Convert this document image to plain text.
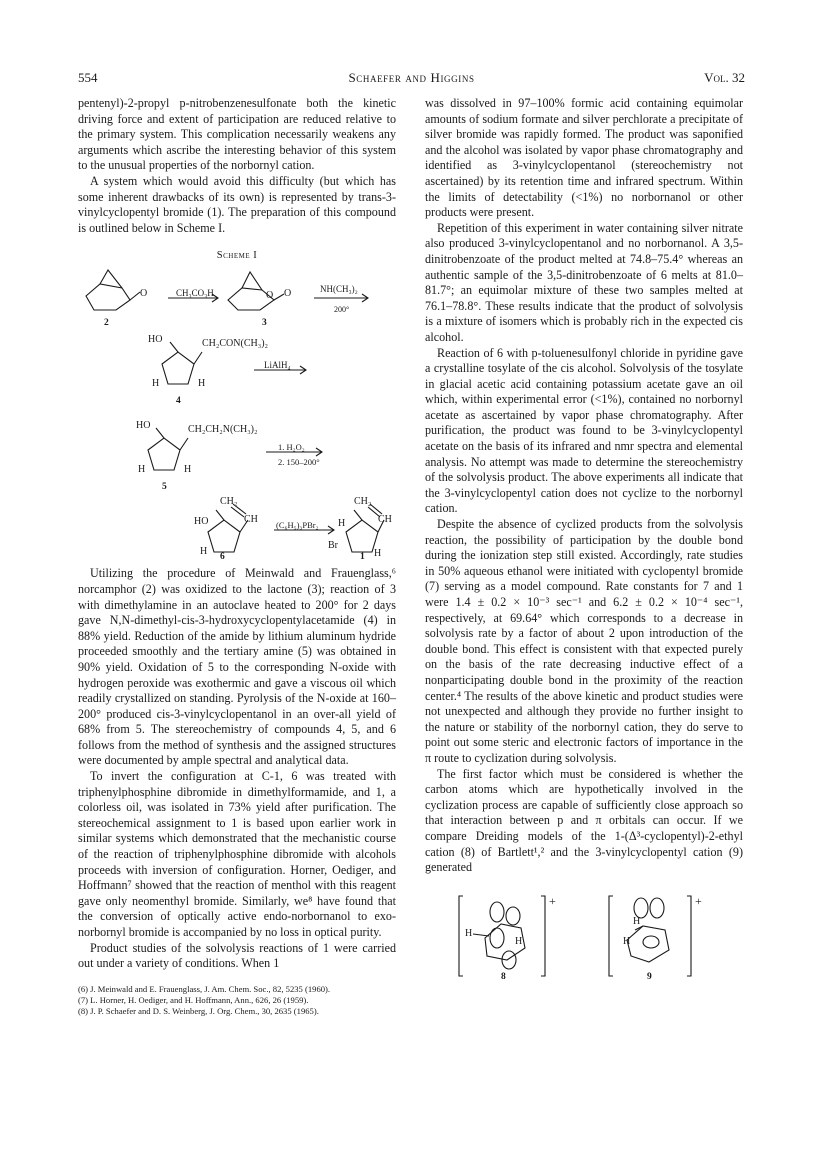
554	Schaefer and Higgins	Vol. 32

pentenyl)-2-propyl p-nitrobenzenesulfonate both the kinetic driving force and extent of participation are reduced relative to the primary system. This complication necessarily weakens any arguments which ascribe the interesting behavior of this system to the unusual properties of the norbornyl cation.

A system which would avoid this difficulty (but which has some inherent drawbacks of its own) is represented by trans-3-vinylcyclopentyl bromide (1). The preparation of this compound is outlined below in Scheme I.

Scheme I
O	O O
CH₃CO₃H	NH(CH₃)₂
200°
2	3
HO	CH₂CON(CH₃)₂
H	H
LiAlH₄
4
HO	CH₂CH₂N(CH₃)₂
H	H
1. H₂O₂
2. 150–200°
5
CH₂
CH
HO
H
(C₆H₅)₃PBr₂
6
CH₂
CH
H
Br
H
1

Utilizing the procedure of Meinwald and Frauenglass,⁶ norcamphor (2) was oxidized to the lactone (3); reaction of 3 with dimethylamine in an autoclave heated to 200° for 2 days gave N,N-dimethyl-cis-3-hydroxycyclopentylacetamide (4) in 88% yield. Reduction of the amide by lithium aluminum hydride proceeded smoothly and the tertiary amine (5) was obtained in 90% yield. Oxidation of 5 to the corresponding N-oxide with hydrogen peroxide was exothermic and gave a viscous oil which readily crystallized on standing. Pyrolysis of the N-oxide at 160–200° produced cis-3-vinylcyclopentanol in an over-all yield of 68% from 5. The stereochemistry of compounds 4, 5, and 6 follows from the method of synthesis and the assigned structures were documented by ample spectral and analytical data.

To invert the configuration at C-1, 6 was treated with triphenylphosphine dibromide in dimethylformamide, and 1, a colorless oil, was isolated in 73% yield after purification. The stereochemical assignment to 1 is based upon earlier work in similar systems which demonstrated that the mechanistic course of the reaction of triphenylphosphine dibromide with alcohols proceeds with inversion of configuration. Horner, Oediger, and Hoffmann⁷ showed that the reaction of menthol with this reagent gave only neomenthyl bromide. Similarly, we⁸ have found that the conversion of optically active endo-norbornanol to exo-norbornyl bromide is accompanied by no loss in optical purity.

Product studies of the solvolysis reactions of 1 were carried out under a variety of conditions. When 1

(6) J. Meinwald and E. Frauenglass, J. Am. Chem. Soc., 82, 5235 (1960).
(7) L. Horner, H. Oediger, and H. Hoffmann, Ann., 626, 26 (1959).
(8) J. P. Schaefer and D. S. Weinberg, J. Org. Chem., 30, 2635 (1965).

was dissolved in 97–100% formic acid containing equimolar amounts of sodium formate and silver perchlorate a precipitate of silver bromide was rapidly formed. The product was saponified and the alcohol was isolated by vapor phase chromatography and identified as 3-vinylcyclopentanol (stereochemistry not ascertained) by its retention time and infrared spectrum. Within the limits of detectability (<1%) no norbornanol or other products were present.

Repetition of this experiment in water containing silver nitrate also produced 3-vinylcyclopentanol and no norbornanol. A 3,5-dinitrobenzoate of the product melted at 74.8–75.4° whereas an authentic sample of the 3,5-dinitrobenzoate of 6 melts at 81.0–81.7°; an equimolar mixture of these two samples melted at 76.1–78.8°. These results indicate that the product of solvolysis is a mixture of isomers which is probably rich in the expected cis alcohol.

Reaction of 6 with p-toluenesulfonyl chloride in pyridine gave a crystalline tosylate of the cis alcohol. Solvolysis of the tosylate in glacial acetic acid containing potassium acetate gave an oil which, within experimental error (<1%), contained no norbornyl acetate as ascertained by vapor phase chromatography. After purification, the product was found to be 3-vinylcyclopentyl acetate on the basis of its infrared and nmr spectra and elemental analysis. No attempt was made to determine the stereochemistry of the solvolysis product. The above experiments all indicate that the 3-vinylcyclopentyl cation does not cyclize to the norbornyl cation.

Despite the absence of cyclized products from the solvolysis reaction, the possibility of participation by the double bond during the ionization step still existed. Accordingly, rate studies in 50% aqueous ethanol were initiated with cyclopentyl bromide (7) serving as a model compound. Rate constants for 7 and 1 were 1.4 ± 0.2 × 10⁻³ sec⁻¹ and 6.2 ± 0.2 × 10⁻⁴ sec⁻¹, respectively, at 69.64° which corresponds to a decrease in solvolysis rate by a factor of about 2 upon introduction of the double bond. This effect is consistent with that expected purely on the basis of the rate decreasing inductive effect of a nonparticipating double bond in the proximity of the reaction center.⁴ The results of the above kinetic and product studies were not unexpected and although they provide no further insight to the nature or stability of the norbornyl cation, they do serve to point out some steric and electronic factors of importance in the π route to cyclization during solvolysis.

The first factor which must be considered is whether the carbon atoms which are hypothetically involved in the cyclization process are capable of sufficiently close approach so that interaction between p and π orbitals can occur. If we compare Dreiding models of the 1-(Δ³-cyclopentyl)-2-ethyl cation (8) of Bartlett¹,² and the 3-vinylcyclopentyl cation (9) generated

+	+
H
H
H
H
8	9
